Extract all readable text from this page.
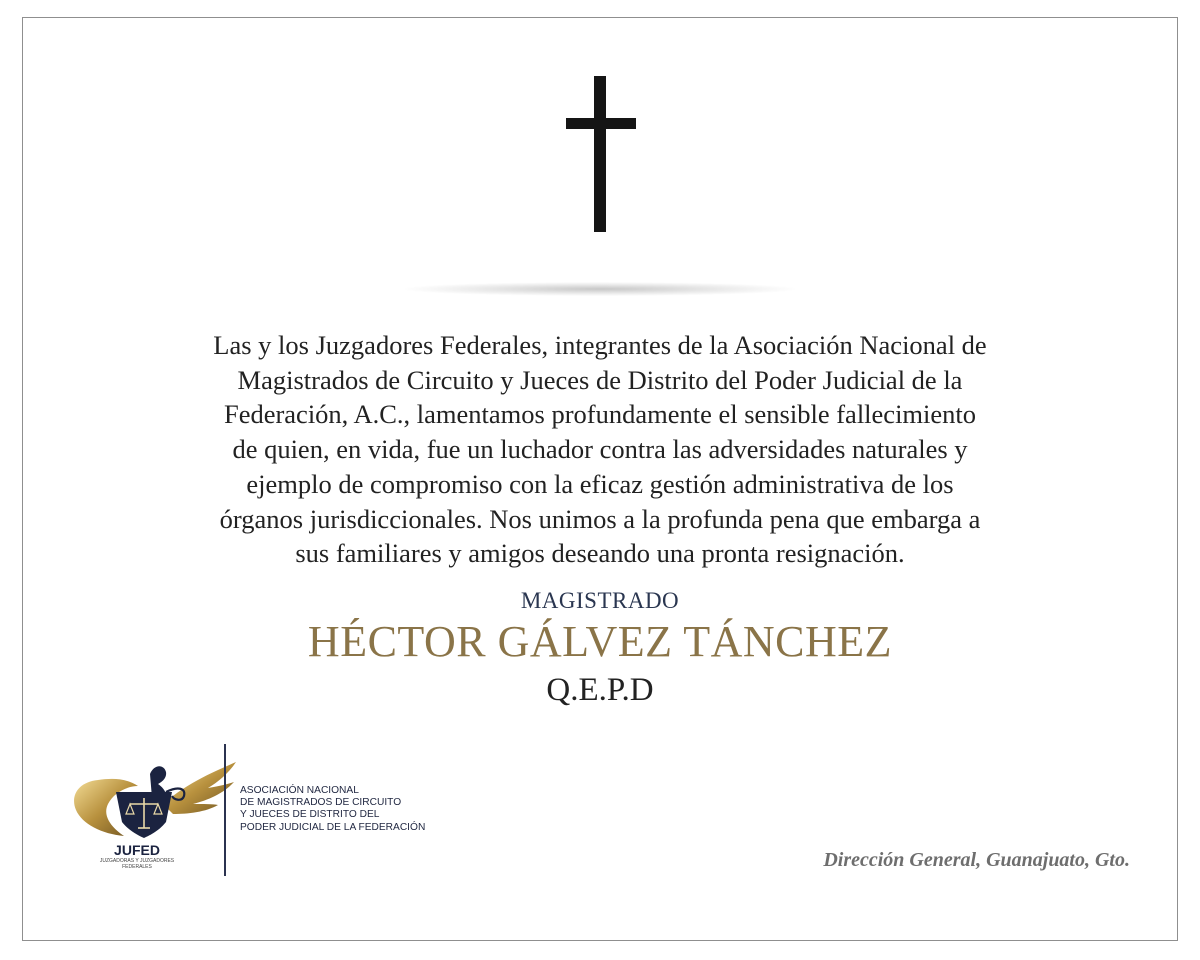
Las y los Juzgadores Federales, integrantes de la Asociación Nacional de
Magistrados de Circuito y Jueces de Distrito del Poder Judicial de la
Federación, A.C., lamentamos profundamente el sensible fallecimiento
de quien, en vida, fue un luchador contra las adversidades naturales y
ejemplo de compromiso con la eficaz gestión administrativa de los
órganos jurisdiccionales. Nos unimos a la profunda pena que embarga a
sus familiares y amigos deseando una pronta resignación.
MAGISTRADO
HÉCTOR GÁLVEZ TÁNCHEZ
Q.E.P.D
JUFED
JUZGADORAS Y JUZGADORES FEDERALES
ASOCIACIÓN NACIONAL
DE MAGISTRADOS DE CIRCUITO
Y JUECES DE DISTRITO DEL
PODER JUDICIAL DE LA FEDERACIÓN
Dirección General, Guanajuato, Gto.
